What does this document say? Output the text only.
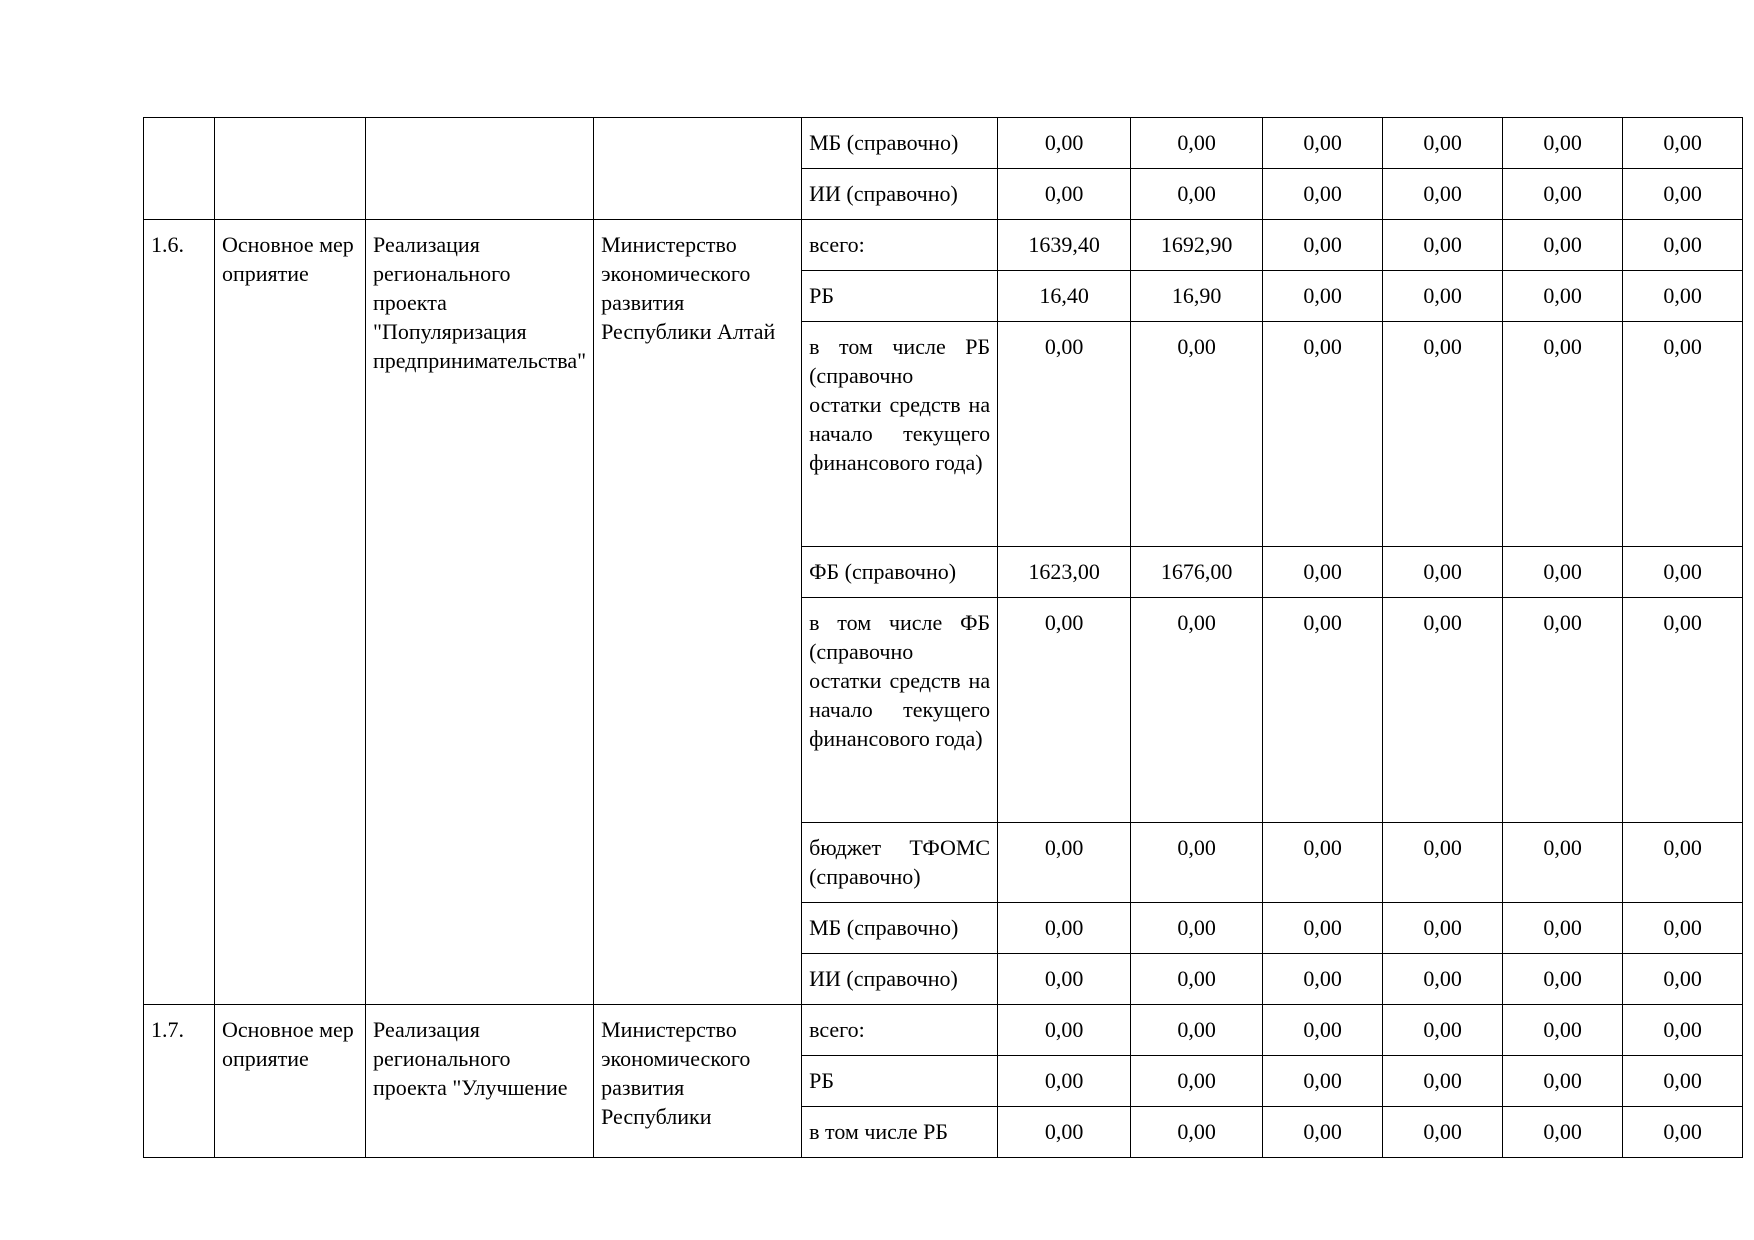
				МБ (справочно)	0,00	0,00	0,00	0,00	0,00	0,00
				ИИ (справочно)	0,00	0,00	0,00	0,00	0,00	0,00
1.6.	Основное мероприятие	Реализация регионального проекта "Популяризация предпринимательства"	Министерство экономического развития Республики Алтай	всего:	1639,40	1692,90	0,00	0,00	0,00	0,00
				РБ	16,40	16,90	0,00	0,00	0,00	0,00
				в том числе РБ (справочно остатки средств на начало текущего финансового года)	0,00	0,00	0,00	0,00	0,00	0,00
				ФБ (справочно)	1623,00	1676,00	0,00	0,00	0,00	0,00
				в том числе ФБ (справочно остатки средств на начало текущего финансового года)	0,00	0,00	0,00	0,00	0,00	0,00
				бюджет ТФОМС (справочно)	0,00	0,00	0,00	0,00	0,00	0,00
				МБ (справочно)	0,00	0,00	0,00	0,00	0,00	0,00
				ИИ (справочно)	0,00	0,00	0,00	0,00	0,00	0,00
1.7.	Основное мероприятие	Реализация регионального проекта "Улучшение	Министерство экономического развития Республики	всего:	0,00	0,00	0,00	0,00	0,00	0,00
				РБ	0,00	0,00	0,00	0,00	0,00	0,00
				в том числе РБ	0,00	0,00	0,00	0,00	0,00	0,00
